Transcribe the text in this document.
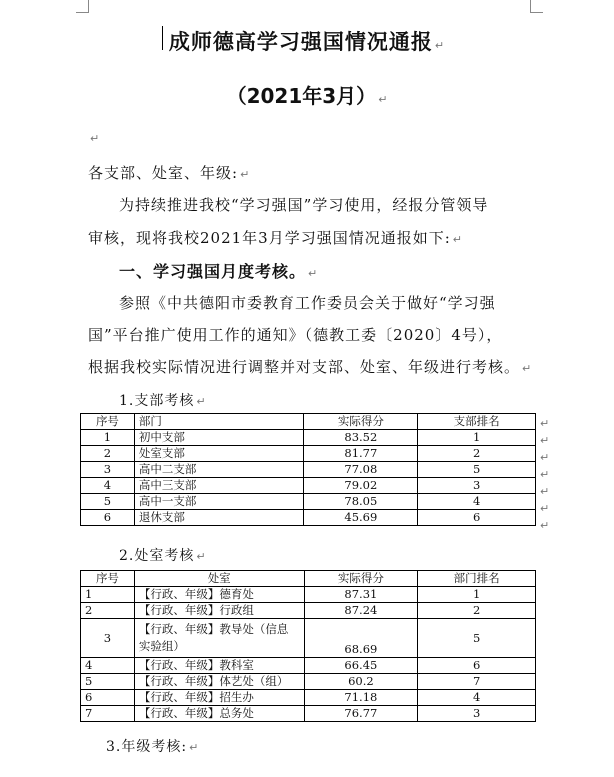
成师德高学习强国情况通报 ↵
（2021年3月） ↵
↵
各支部、处室、年级: ↵
为持续推进我校“学习强国”学习使用，经报分管领导
审核，现将我校2021年3月学习强国情况通报如下: ↵
一、学习强国月度考核。 ↵
参照《中共德阳市委教育工作委员会关于做好“学习强
国”平台推广使用工作的通知》（德教工委〔2020〕4号），
根据我校实际情况进行调整并对支部、处室、年级进行考核。 ↵
1.支部考核 ↵
序号	部门	实际得分	支部排名
1	初中支部	83.52	1
2	处室支部	81.77	2
3	高中二支部	77.08	5
4	高中三支部	79.02	3
5	高中一支部	78.05	4
6	退休支部	45.69	6
2.处室考核 ↵
序号	处室	实际得分	部门排名
1	【行政、年级】德育处	87.31	1
2	【行政、年级】行政组	87.24	2
3	【行政、年级】教导处（信息实验组）	68.69	5
4	【行政、年级】教科室	66.45	6
5	【行政、年级】体艺处（组）	60.2	7
6	【行政、年级】招生办	71.18	4
7	【行政、年级】总务处	76.77	3
3.年级考核: ↵
↵
↵
↵
↵
↵
↵
↵
